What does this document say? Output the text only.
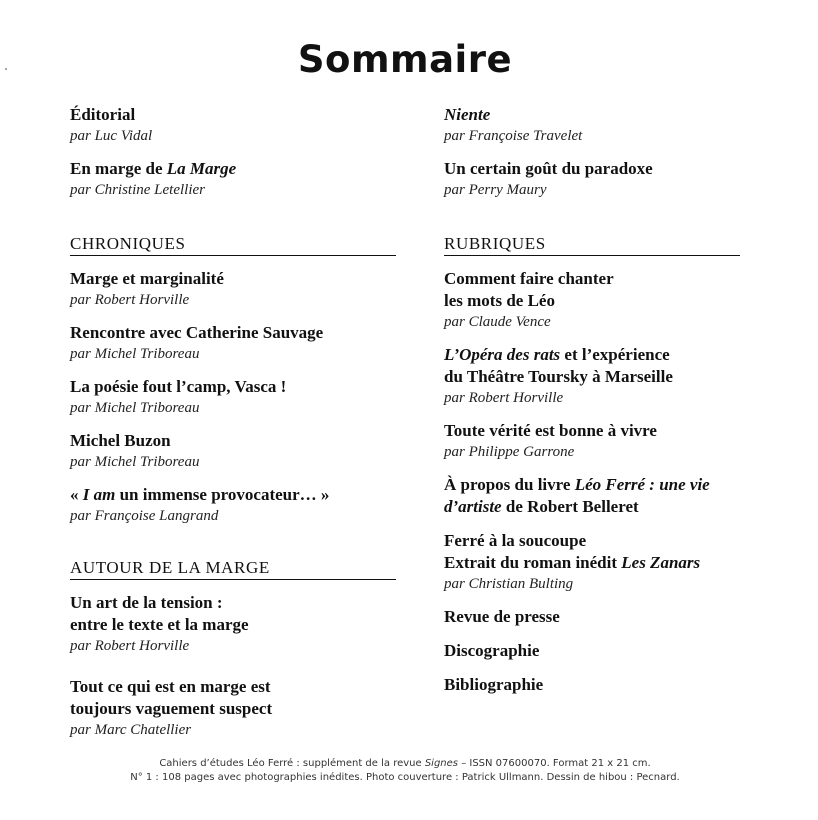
Sommaire
Éditorial
par Luc Vidal
En marge de La Marge
par Christine Letellier
CHRONIQUES
Marge et marginalité
par Robert Horville
Rencontre avec Catherine Sauvage
par Michel Triboreau
La poésie fout l’camp, Vasca !
par Michel Triboreau
Michel Buzon
par Michel Triboreau
« I am un immense provocateur… »
par Françoise Langrand
AUTOUR DE LA MARGE
Un art de la tension :
entre le texte et la marge
par Robert Horville
Tout ce qui est en marge est
toujours vaguement suspect
par Marc Chatellier
Niente
par Françoise Travelet
Un certain goût du paradoxe
par Perry Maury
RUBRIQUES
Comment faire chanter
les mots de Léo
par Claude Vence
L’Opéra des rats et l’expérience
du Théâtre Toursky à Marseille
par Robert Horville
Toute vérité est bonne à vivre
par Philippe Garrone
À propos du livre Léo Ferré : une vie
d’artiste de Robert Belleret
Ferré à la soucoupe
Extrait du roman inédit Les Zanars
par Christian Bulting
Revue de presse
Discographie
Bibliographie
Cahiers d’études Léo Ferré : supplément de la revue Signes – ISSN 07600070. Format 21 x 21 cm.
N° 1 : 108 pages avec photographies inédites. Photo couverture : Patrick Ullmann. Dessin de hibou : Pecnard.
